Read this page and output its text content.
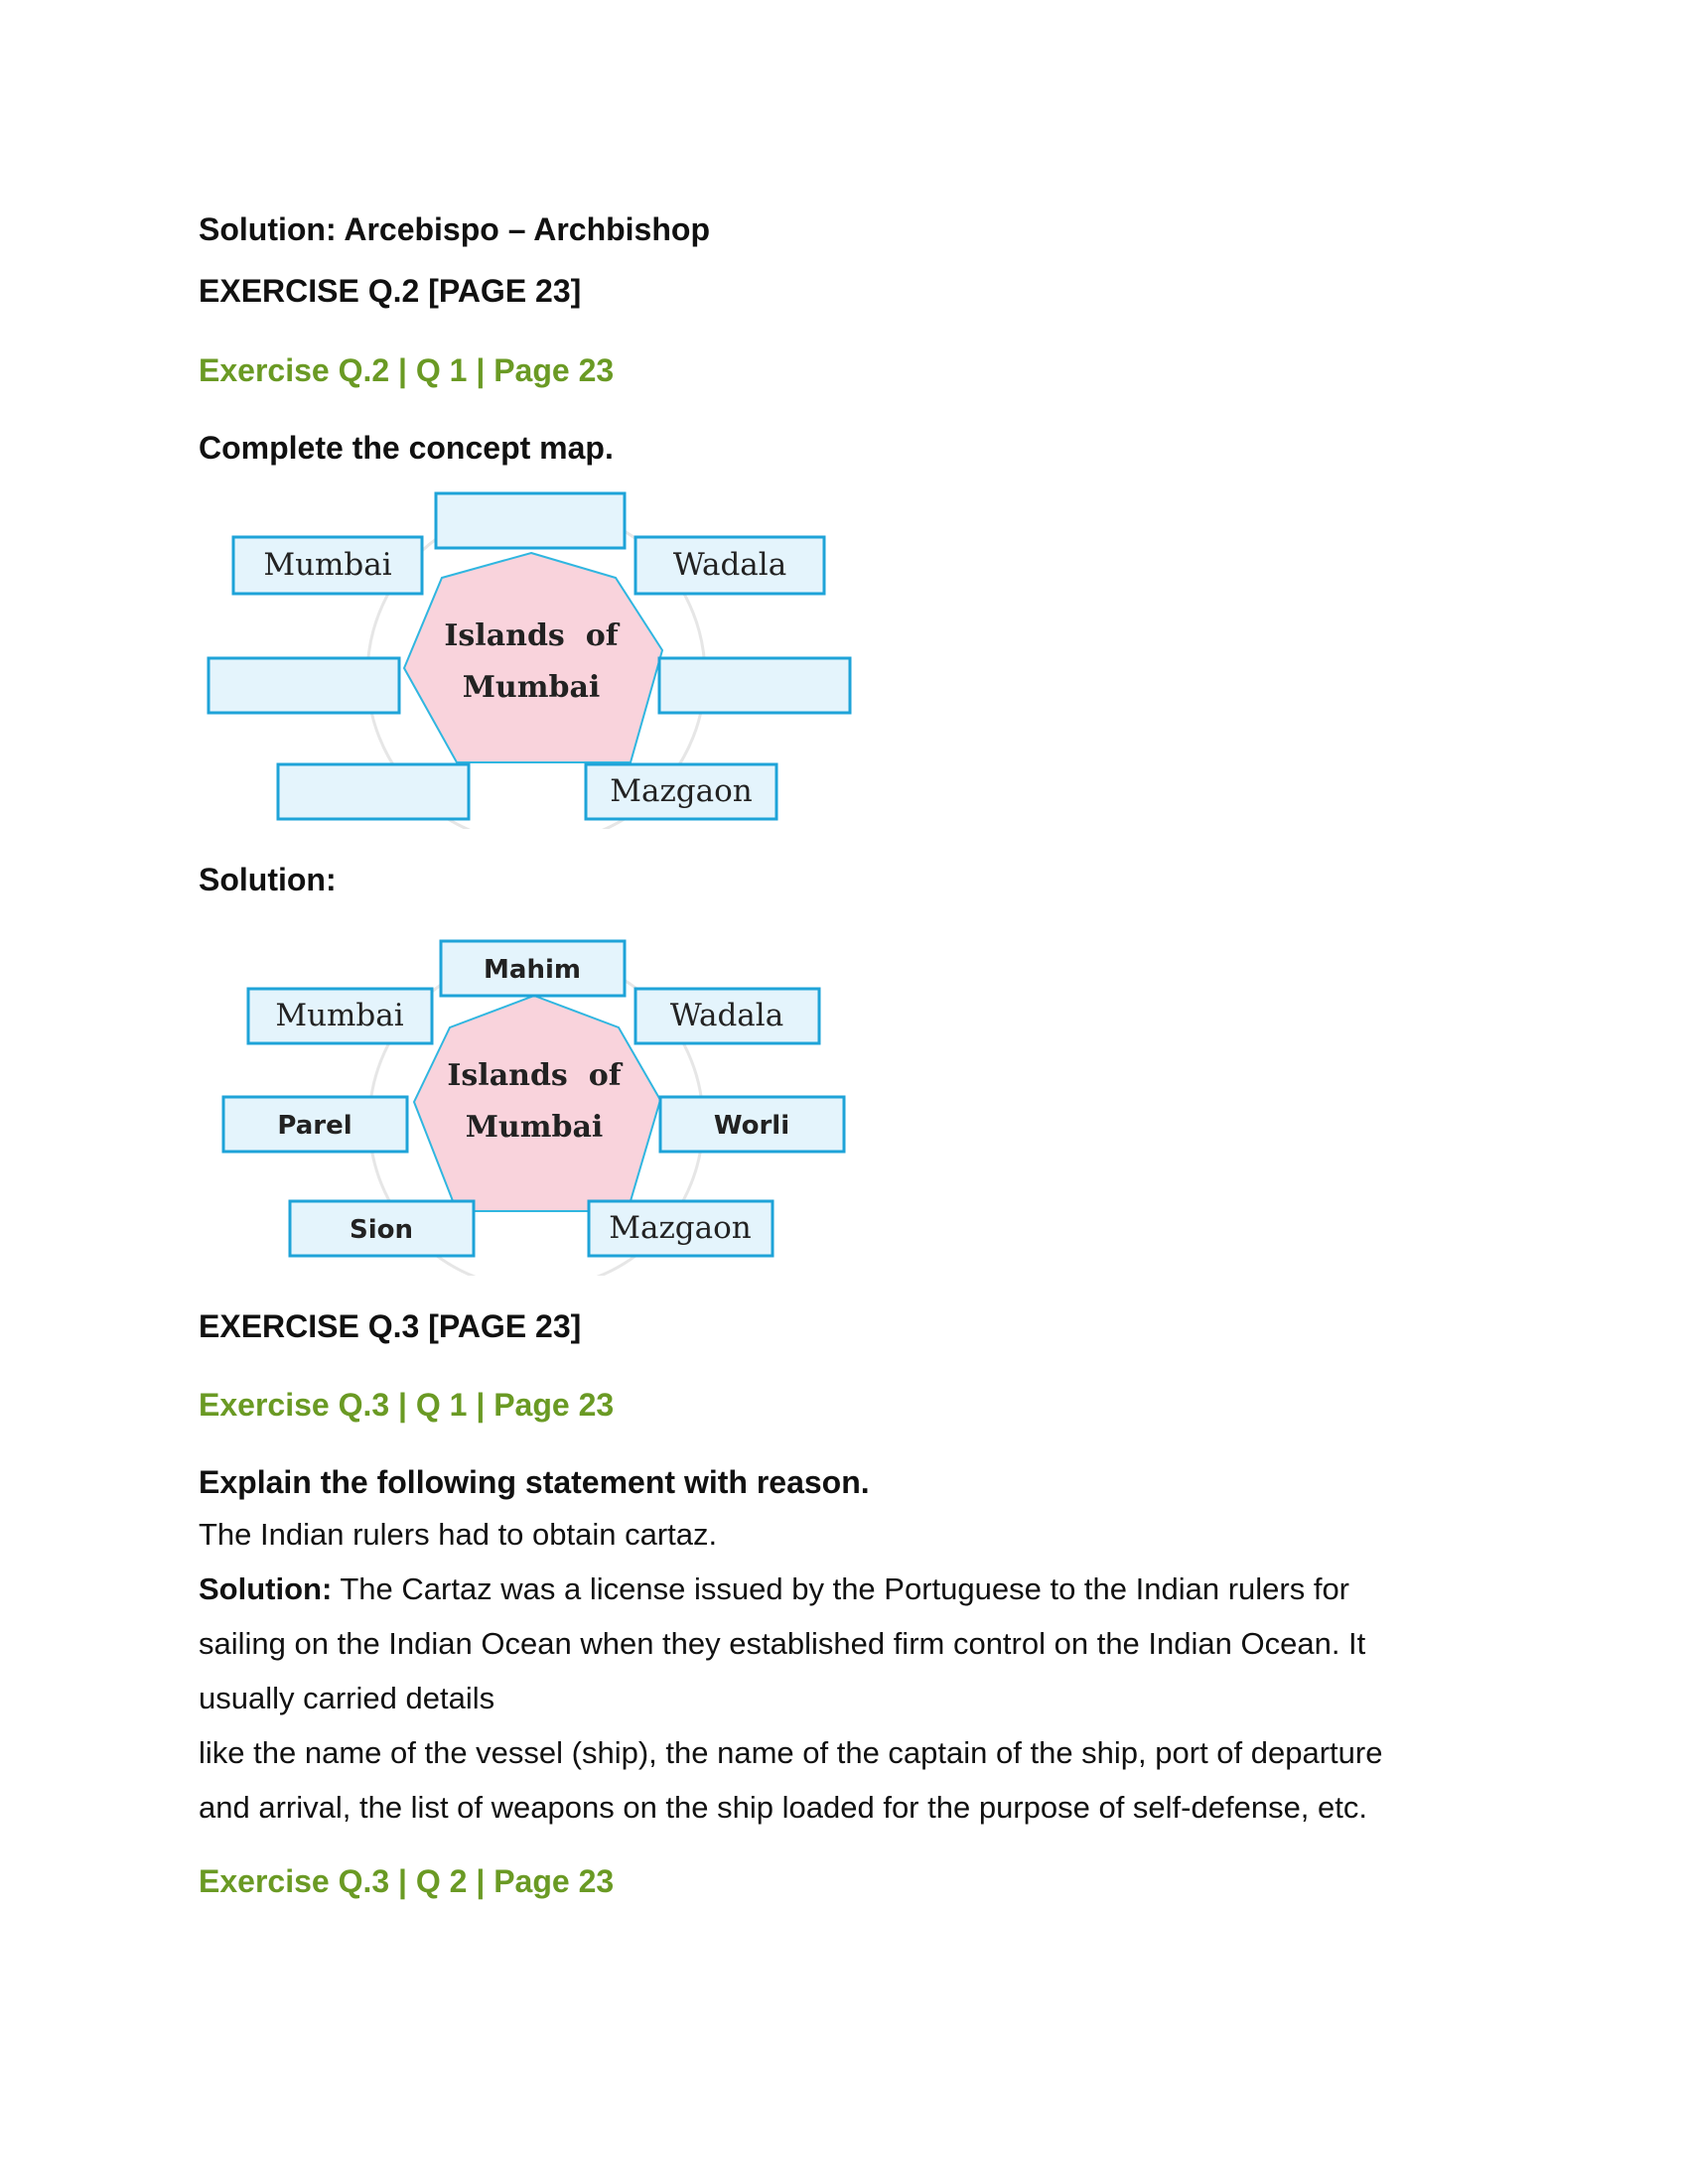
Solution: Arcebispo – Archbishop

EXERCISE Q.2 [PAGE 23]

Exercise Q.2 | Q 1 | Page 23

Complete the concept map.

Mumbai	Wadala
Mazgaon
Islands  of
Mumbai

Solution:

Mahim
Mumbai	Wadala
Parel	Worli
Sion	Mazgaon
Islands  of
Mumbai

EXERCISE Q.3 [PAGE 23]

Exercise Q.3 | Q 1 | Page 23

Explain the following statement with reason.

The Indian rulers had to obtain cartaz.
Solution: The Cartaz was a license issued by the Portuguese to the Indian rulers for
sailing on the Indian Ocean when they established firm control on the Indian Ocean. It
usually carried details
like the name of the vessel (ship), the name of the captain of the ship, port of departure
and arrival, the list of weapons on the ship loaded for the purpose of self-defense, etc.

Exercise Q.3 | Q 2 | Page 23
